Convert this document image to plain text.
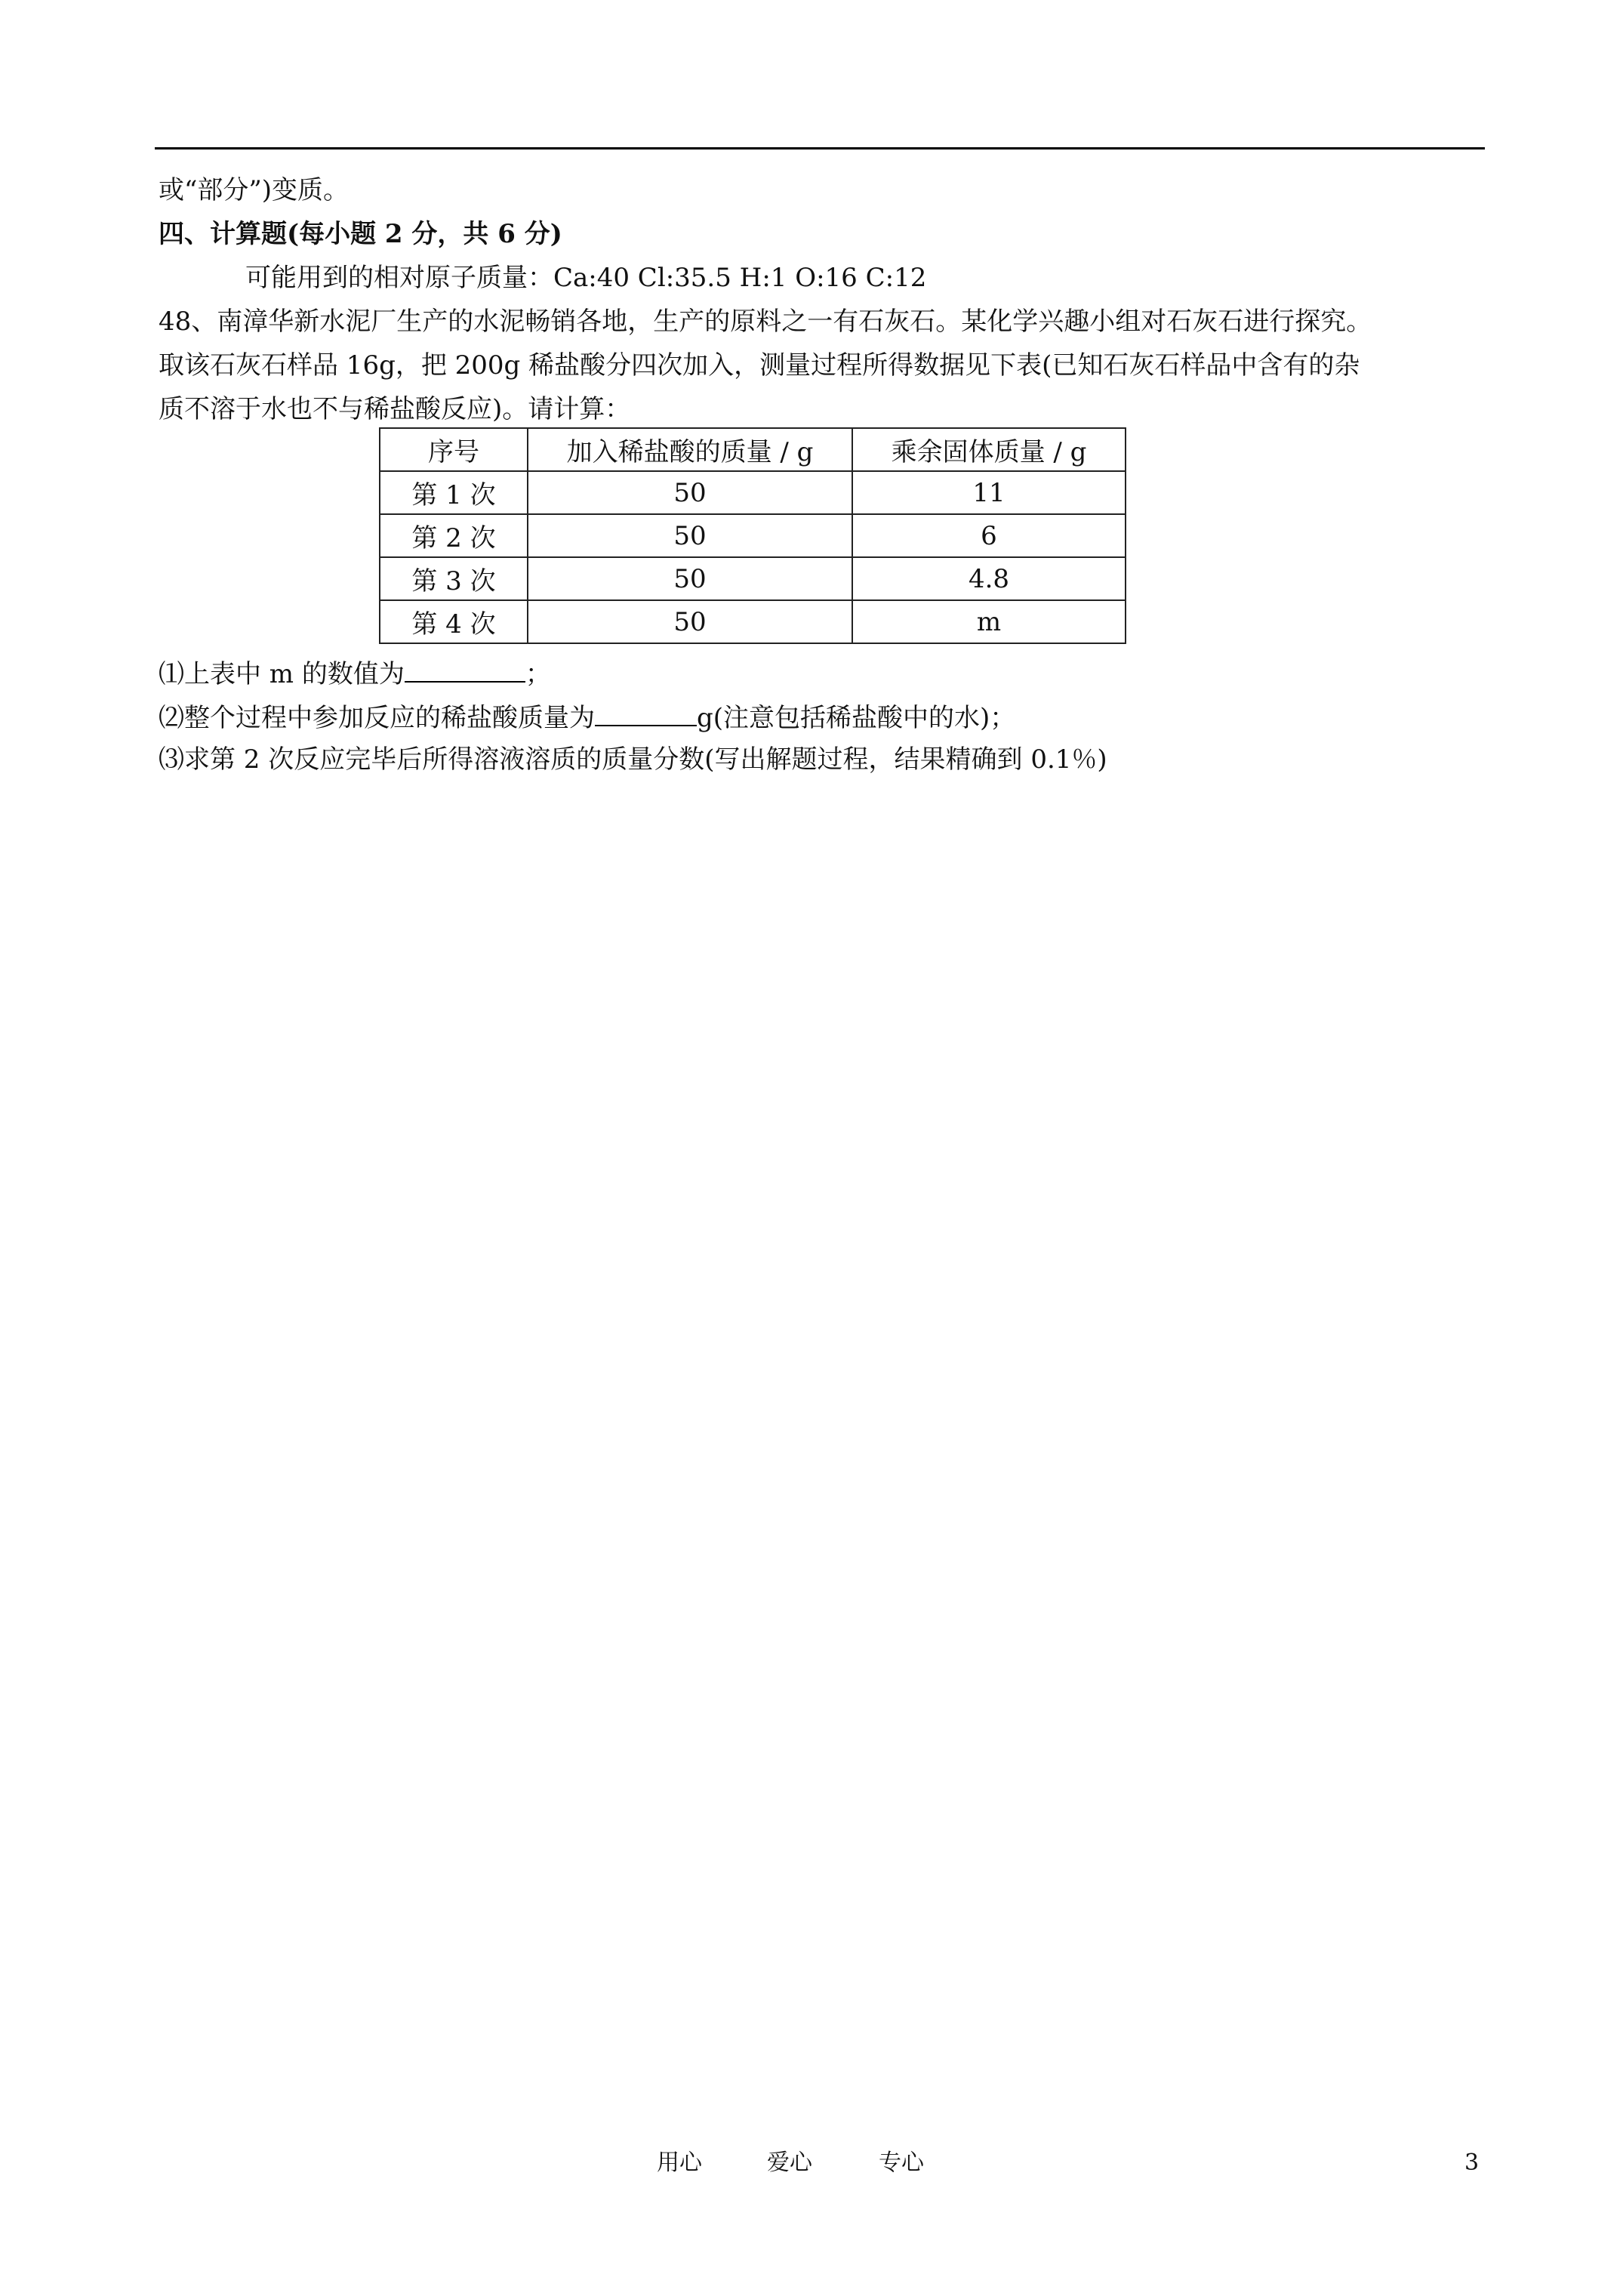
或“部分”)变质。
四、计算题(每小题 2 分，共 6 分)
可能用到的相对原子质量：Ca:40 Cl:35.5 H:1 O:16 C:12
48、南漳华新水泥厂生产的水泥畅销各地，生产的原料之一有石灰石。某化学兴趣小组对石灰石进行探究。
取该石灰石样品 16g，把 200g 稀盐酸分四次加入，测量过程所得数据见下表(已知石灰石样品中含有的杂
质不溶于水也不与稀盐酸反应)。请计算：
序号	加入稀盐酸的质量 / g	乘余固体质量 / g
第 1 次	50	11
第 2 次	50	6
第 3 次	50	4.8
第 4 次	50	m
⑴上表中 m 的数值为	；
⑵整个过程中参加反应的稀盐酸质量为	g(注意包括稀盐酸中的水)；
⑶求第 2 次反应完毕后所得溶液溶质的质量分数(写出解题过程，结果精确到 0.1％)
用心	爱心	专心	3
